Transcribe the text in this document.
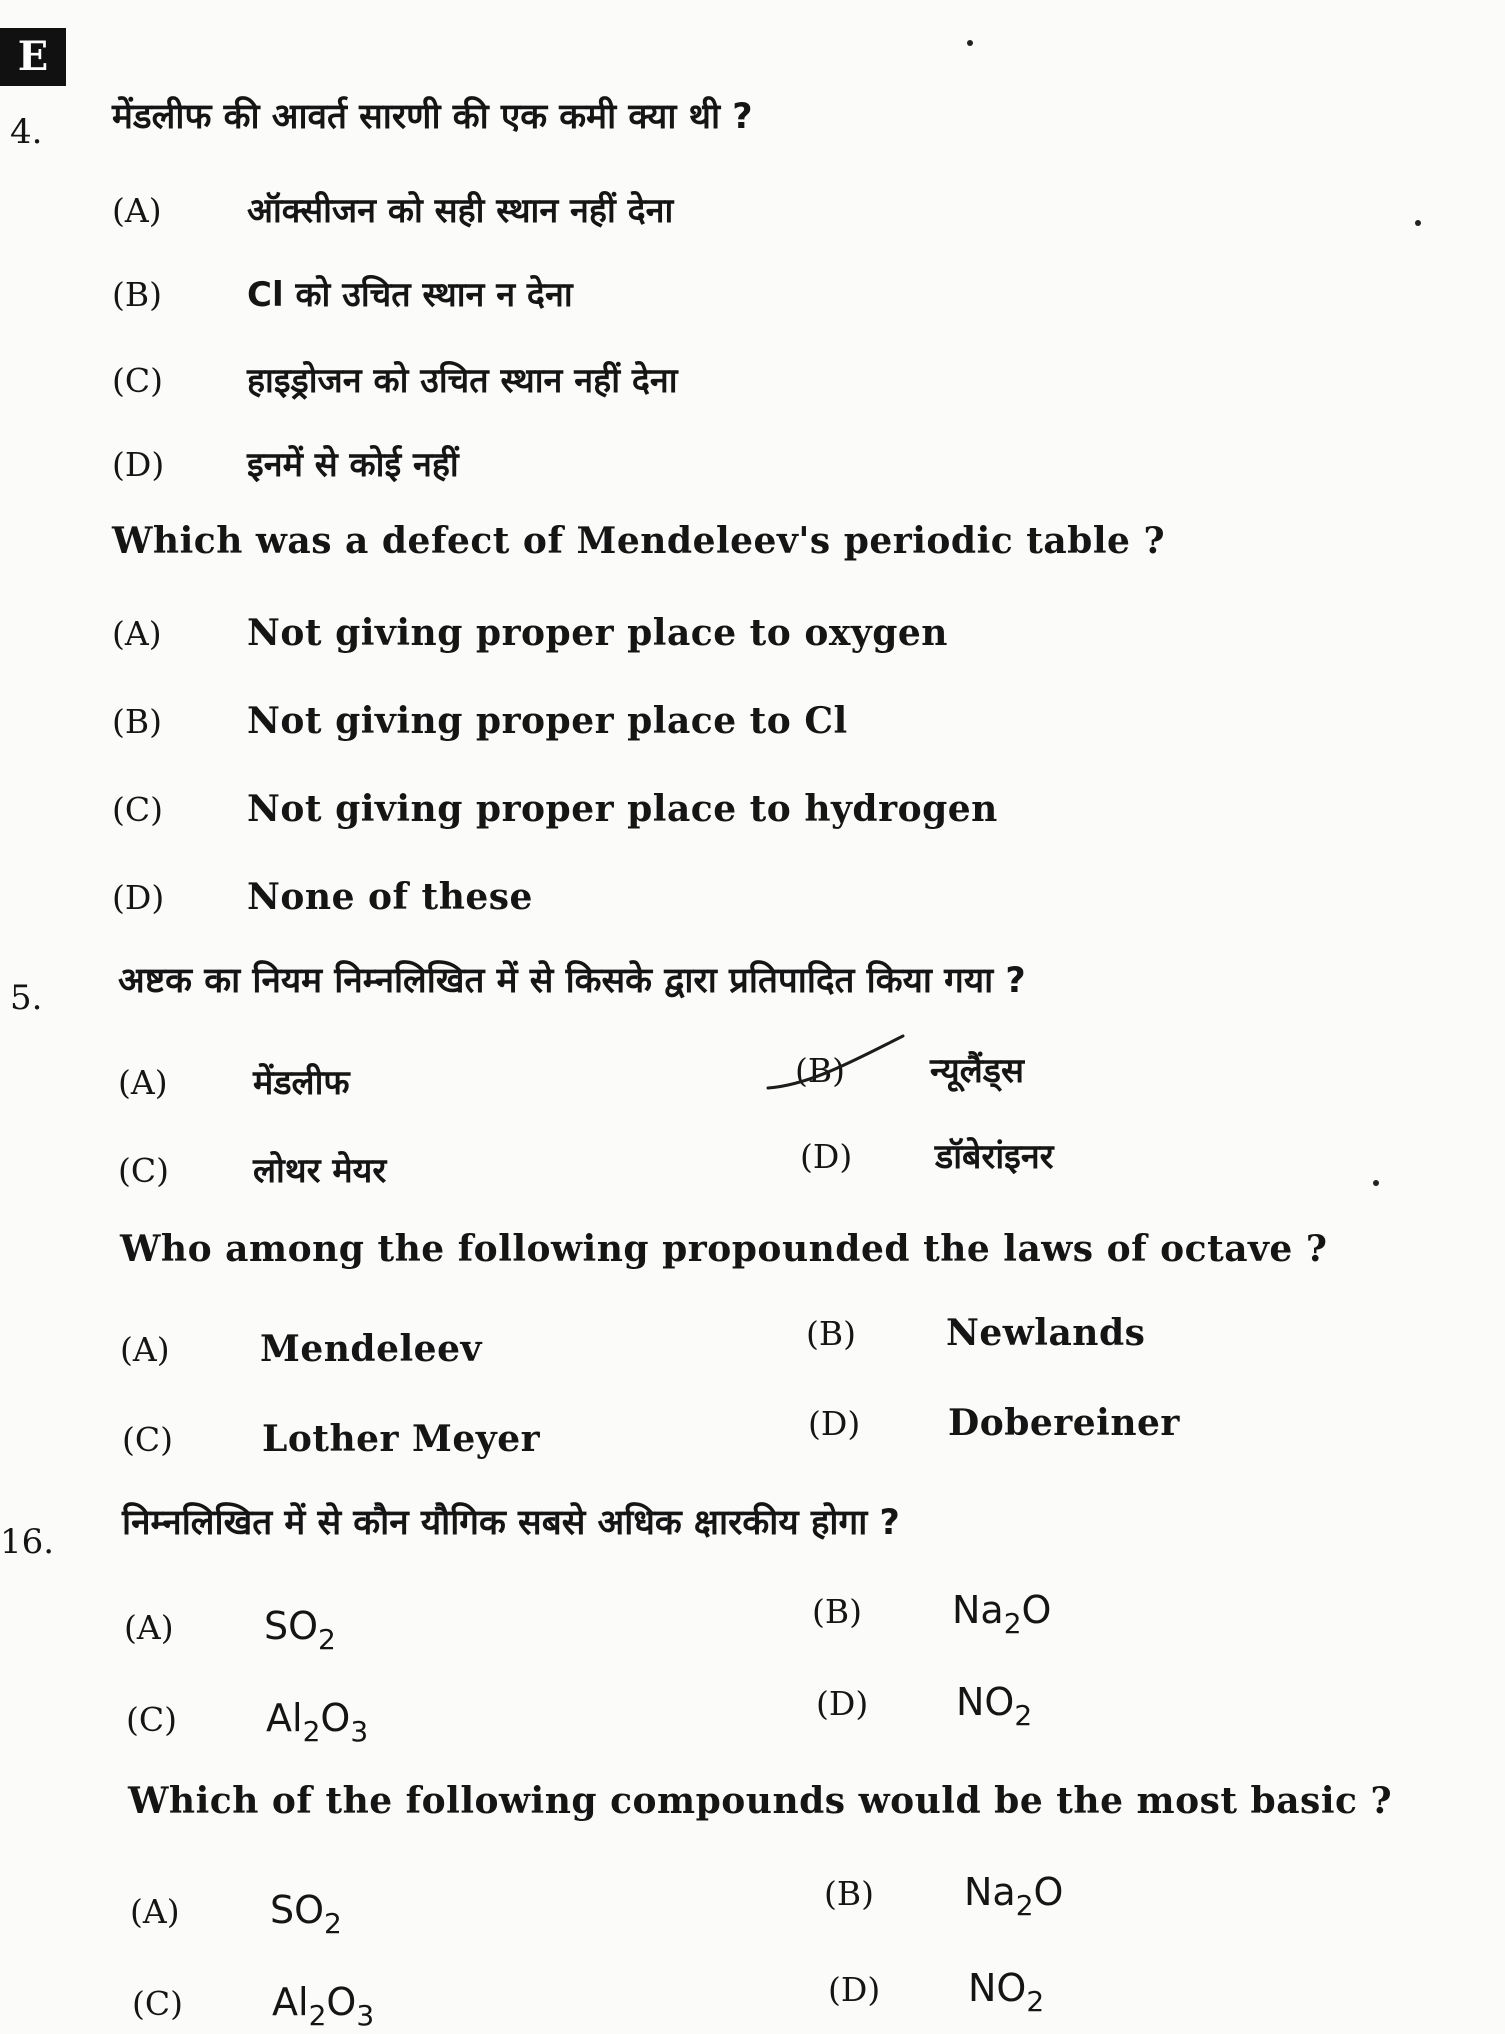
E
4. मेंडलीफ की आवर्त सारणी की एक कमी क्या थी ?
(A)	ऑक्सीजन को सही स्थान नहीं देना
(B)	Cl को उचित स्थान न देना
(C)	हाइड्रोजन को उचित स्थान नहीं देना
(D)	इनमें से कोई नहीं
Which was a defect of Mendeleev's periodic table ?
(A)	Not giving proper place to oxygen
(B)	Not giving proper place to Cl
(C)	Not giving proper place to hydrogen
(D)	None of these
5. अष्टक का नियम निम्नलिखित में से किसके द्वारा प्रतिपादित किया गया ?
(A)	मेंडलीफ	(B)	न्यूलैंड्स
(C)	लोथर मेयर	(D)	डॉबेरांइनर
Who among the following propounded the laws of octave ?
(A)	Mendeleev	(B)	Newlands
(C)	Lother Meyer	(D)	Dobereiner
16. निम्नलिखित में से कौन यौगिक सबसे अधिक क्षारकीय होगा ?
(A)	$SO_2$
(B)	$Na_2O$
(C)	$Al_2O_3$
(D)	$NO_2$
Which of the following compounds would be the most basic ?
(A)	$SO_2$
(B)	$Na_2O$
(C)	$Al_2O_3$
(D)	$NO_2$
